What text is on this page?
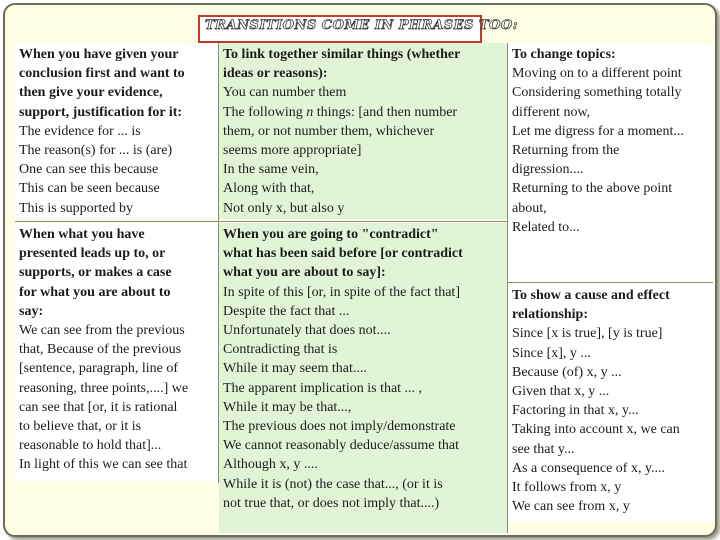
TRANSITIONS COME IN PHRASES TOO:
When you have given your
conclusion first and want to
then give your evidence,
support, justification for it:
The evidence for ... is
The reason(s) for ... is (are)
One can see this because
This can be seen because
This is supported by
To link together similar things (whether
ideas or reasons):
You can number them
The following n things: [and then number
them, or not number them, whichever
seems more appropriate]
In the same vein,
Along with that,
Not only x, but also y
To change topics:
Moving on to a different point
Considering something totally
different now,
Let me digress for a moment...
Returning from the
digression....
Returning to the above point
about,
Related to...
When what you have
presented leads up to, or
supports, or makes a case
for what you are about to
say:
We can see from the previous
that, Because of the previous
[sentence, paragraph, line of
reasoning, three points,....] we
can see that [or, it is rational
to believe that, or it is
reasonable to hold that]...
In light of this we can see that
When you are going to "contradict"
what has been said before [or contradict
what you are about to say]:
In spite of this [or, in spite of the fact that]
Despite the fact that ...
Unfortunately that does not....
Contradicting that is
While it may seem that....
The apparent implication is that ... ,
While it may be that...,
The previous does not imply/demonstrate
We cannot reasonably deduce/assume that
Although x, y ....
While it is (not) the case that..., (or it is
not true that, or does not imply that....)
To show a cause and effect
relationship:
Since [x is true], [y is true]
Since [x], y ...
Because (of) x, y ...
Given that x, y ...
Factoring in that x, y...
Taking into account x, we can
see that y...
As a consequence of x, y....
It follows from x, y
We can see from x, y
